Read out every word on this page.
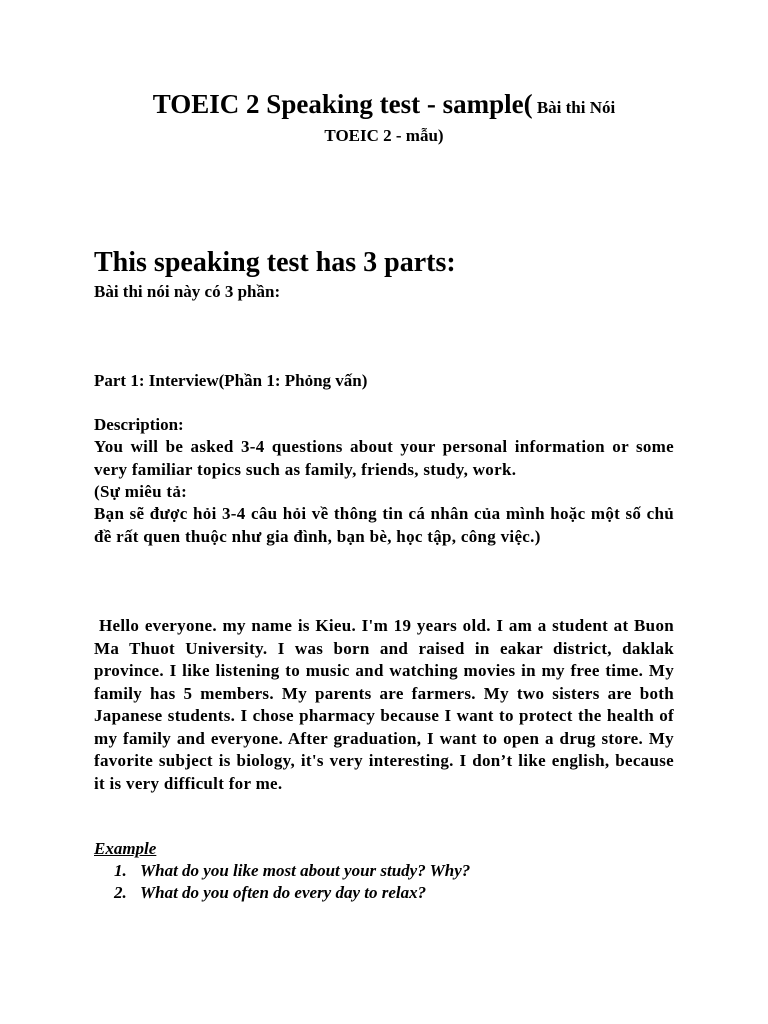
TOEIC 2 Speaking test - sample( Bài thi Nói
TOEIC 2 - mẫu)
This speaking test has 3 parts:
Bài thi nói này có 3 phần:
Part 1: Interview(Phần 1: Phỏng vấn)
Description:
You will be asked 3-4 questions about your personal information or some very familiar topics such as family, friends, study, work.
(Sự miêu tả:
Bạn sẽ được hỏi 3-4 câu hỏi về thông tin cá nhân của mình hoặc một số chủ đề rất quen thuộc như gia đình, bạn bè, học tập, công việc.)
Hello everyone. my name is Kieu. I'm 19 years old. I am a student at Buon Ma Thuot University. I was born and raised in eakar district, daklak province. I like listening to music and watching movies in my free time. My family has 5 members. My parents are farmers. My two sisters are both Japanese students. I chose pharmacy because I want to protect the health of my family and everyone. After graduation, I want to open a drug store. My favorite subject is biology, it's very interesting. I don’t like english, because it is very difficult for me.
Example
1. What do you like most about your study? Why?
2. What do you often do every day to relax?
